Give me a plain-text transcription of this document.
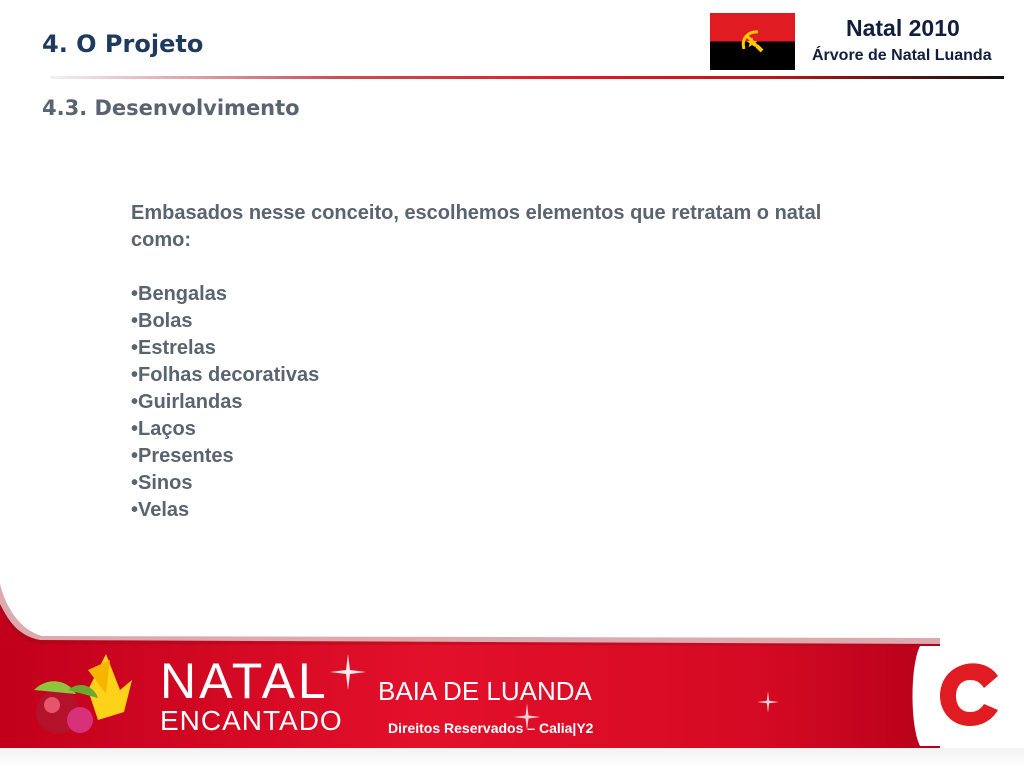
4. O Projeto
4.3. Desenvolvimento
Natal 2010
Árvore de Natal Luanda

Embasados nesse conceito, escolhemos elementos que retratam o natal como:

• Bengalas
• Bolas
• Estrelas
• Folhas decorativas
• Guirlandas
• Laços
• Presentes
• Sinos
• Velas
NATAL
ENCANTADO
BAIA DE LUANDA
Direitos Reservados – Calia|Y2
